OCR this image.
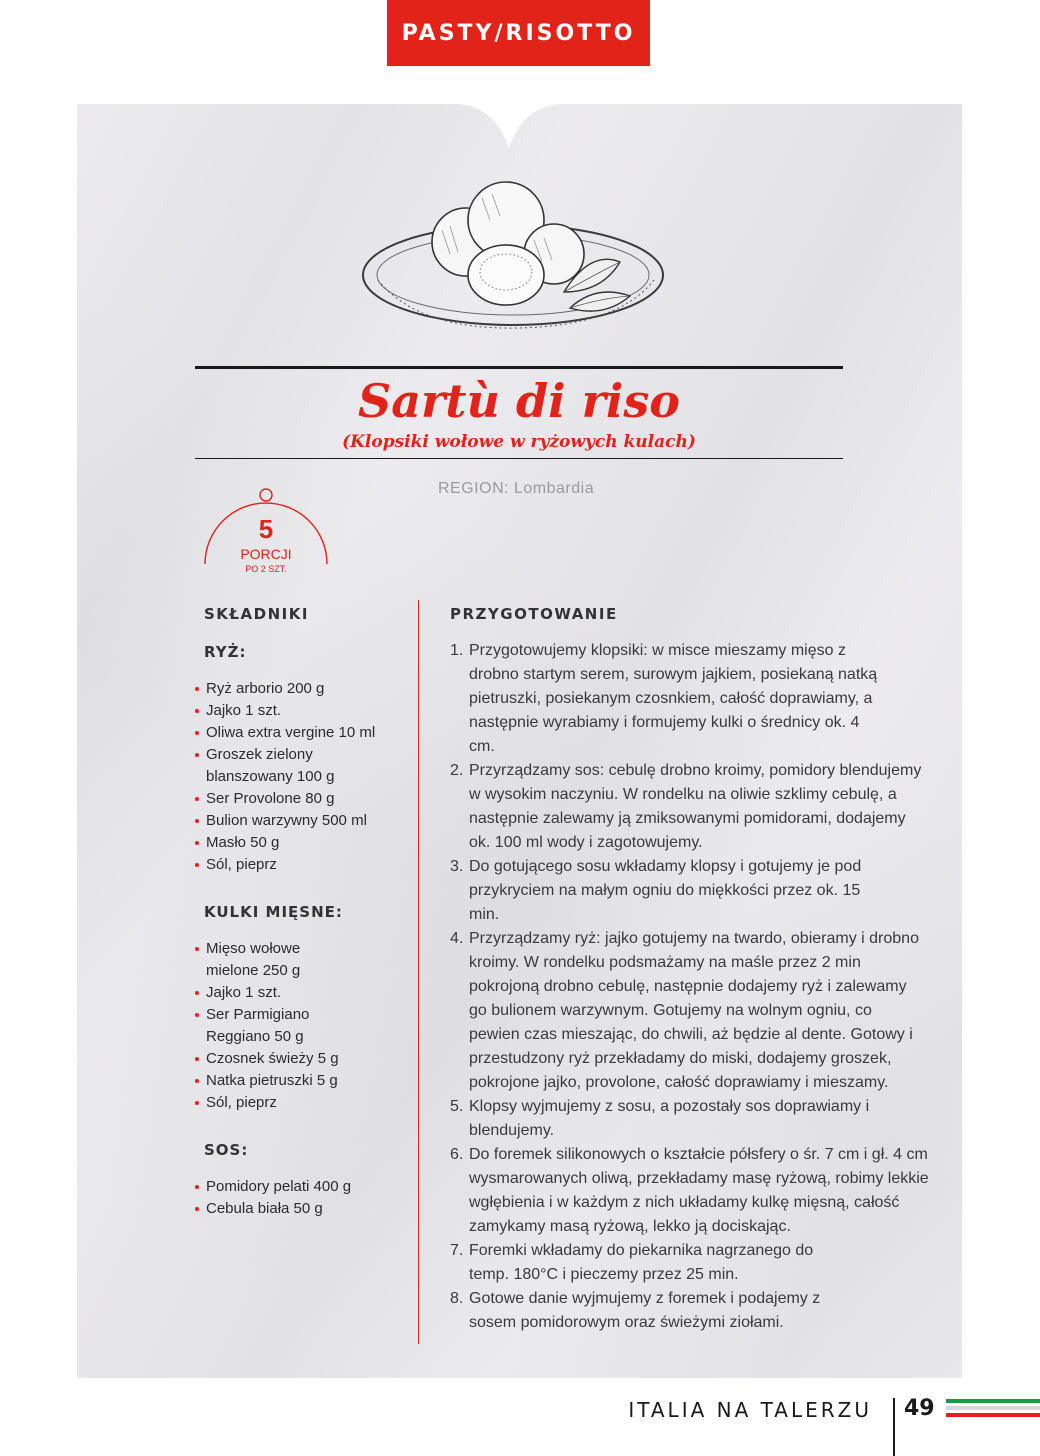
PASTY/RISOTTO
Sartù di riso
(Klopsiki wołowe w ryżowych kulach)
REGION: Lombardia
5
PORCJI
PO 2 SZT.
SKŁADNIKI
RYŻ:
Ryż arborio 200 g
Jajko 1 szt.
Oliwa extra vergine 10 ml
Groszek zielony blanszowany 100 g
Ser Provolone 80 g
Bulion warzywny 500 ml
Masło 50 g
Sól, pieprz
KULKI MIĘSNE:
Mięso wołowe mielone 250 g
Jajko 1 szt.
Ser Parmigiano Reggiano 50 g
Czosnek świeży 5 g
Natka pietruszki 5 g
Sól, pieprz
SOS:
Pomidory pelati 400 g
Cebula biała 50 g
PRZYGOTOWANIE
1. Przygotowujemy klopsiki: w misce mieszamy mięso z drobno startym serem, surowym jajkiem, posiekaną natką pietruszki, posiekanym czosnkiem, całość doprawiamy, a następnie wyrabiamy i formujemy kulki o średnicy ok. 4 cm.
2. Przyrządzamy sos: cebulę drobno kroimy, pomidory blendujemy w wysokim naczyniu. W rondelku na oliwie szklimy cebulę, a następnie zalewamy ją zmiksowanymi pomidorami, dodajemy ok. 100 ml wody i zagotowujemy.
3. Do gotującego sosu wkładamy klopsy i gotujemy je pod przykryciem na małym ogniu do miękkości przez ok. 15 min.
4. Przyrządzamy ryż: jajko gotujemy na twardo, obieramy i drobno kroimy. W rondelku podsmażamy na maśle przez 2 min pokrojoną drobno cebulę, następnie dodajemy ryż i zalewamy go bulionem warzywnym. Gotujemy na wolnym ogniu, co pewien czas mieszając, do chwili, aż będzie al dente. Gotowy i przestudzony ryż przekładamy do miski, dodajemy groszek, pokrojone jajko, provolone, całość doprawiamy i mieszamy.
5. Klopsy wyjmujemy z sosu, a pozostały sos doprawiamy i blendujemy.
6. Do foremek silikonowych o kształcie półsfery o śr. 7 cm i gł. 4 cm wysmarowanych oliwą, przekładamy masę ryżową, robimy lekkie wgłębienia i w każdym z nich układamy kulkę mięsną, całość zamykamy masą ryżową, lekko ją dociskając.
7. Foremki wkładamy do piekarnika nagrzanego do temp. 180°C i pieczemy przez 25 min.
8. Gotowe danie wyjmujemy z foremek i podajemy z sosem pomidorowym oraz świeżymi ziołami.
ITALIA NA TALERZU 49
